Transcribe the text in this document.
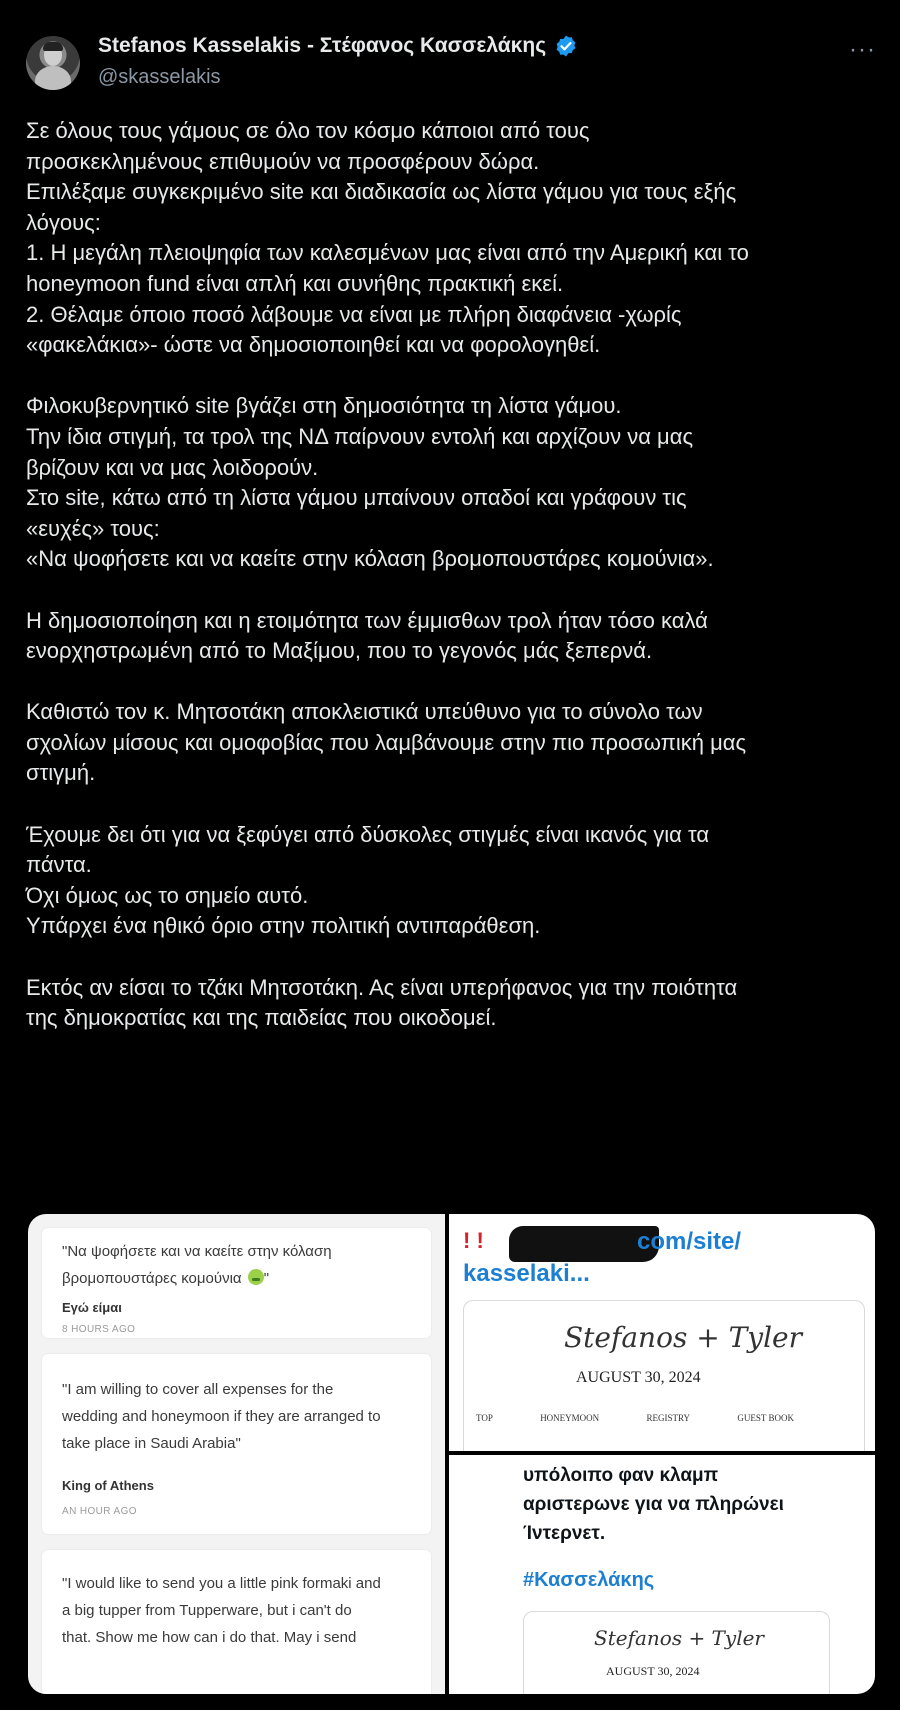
Stefanos Kasselakis - Στέφανος Κασσελάκης
@skasselakis
···
Σε όλους τους γάμους σε όλο τον κόσμο κάποιοι από τους
προσκεκλημένους επιθυμούν να προσφέρουν δώρα.
Επιλέξαμε συγκεκριμένο site και διαδικασία ως λίστα γάμου για τους εξής
λόγους:
1. Η μεγάλη πλειοψηφία των καλεσμένων μας είναι από την Αμερική και το
honeymoon fund είναι απλή και συνήθης πρακτική εκεί.
2. Θέλαμε όποιο ποσό λάβουμε να είναι με πλήρη διαφάνεια -χωρίς
«φακελάκια»- ώστε να δημοσιοποιηθεί και να φορολογηθεί.

Φιλοκυβερνητικό site βγάζει στη δημοσιότητα τη λίστα γάμου.
Την ίδια στιγμή, τα τρολ της ΝΔ παίρνουν εντολή και αρχίζουν να μας
βρίζουν και να μας λοιδορούν.
Στο site, κάτω από τη λίστα γάμου μπαίνουν οπαδοί και γράφουν τις
«ευχές» τους:
«Να ψοφήσετε και να καείτε στην κόλαση βρομοπουστάρες κομούνια».

Η δημοσιοποίηση και η ετοιμότητα των έμμισθων τρολ ήταν τόσο καλά
ενορχηστρωμένη από το Μαξίμου, που το γεγονός μάς ξεπερνά.

Καθιστώ τον κ. Μητσοτάκη αποκλειστικά υπεύθυνο για το σύνολο των
σχολίων μίσους και ομοφοβίας που λαμβάνουμε στην πιο προσωπική μας
στιγμή.

Έχουμε δει ότι για να ξεφύγει από δύσκολες στιγμές είναι ικανός για τα
πάντα.
Όχι όμως ως το σημείο αυτό.
Υπάρχει ένα ηθικό όριο στην πολιτική αντιπαράθεση.

Εκτός αν είσαι το τζάκι Μητσοτάκη. Ας είναι υπερήφανος για την ποιότητα
της δημοκρατίας και της παιδείας που οικοδομεί.
"Να ψοφήσετε και να καείτε στην κόλαση
βρομοπουστάρες κομούνια "
Εγώ είμαι
8 HOURS AGO
"I am willing to cover all expenses for the
wedding and honeymoon if they are arranged to
take place in Saudi Arabia"
King of Athens
AN HOUR AGO
"I would like to send you a little pink formaki and
a big tupper from Tupperware, but i can't do
that. Show me how can i do that. May i send
! !	com/site/
kasselaki...
Stefanos + Tyler
AUGUST 30, 2024
TOP	HONEYMOON	REGISTRY	GUEST BOOK
υπόλοιπο φαν κλαμπ
αριστερωνε για να πληρώνει
Ίντερνετ.
#Κασσελάκης
Stefanos + Tyler
AUGUST 30, 2024
